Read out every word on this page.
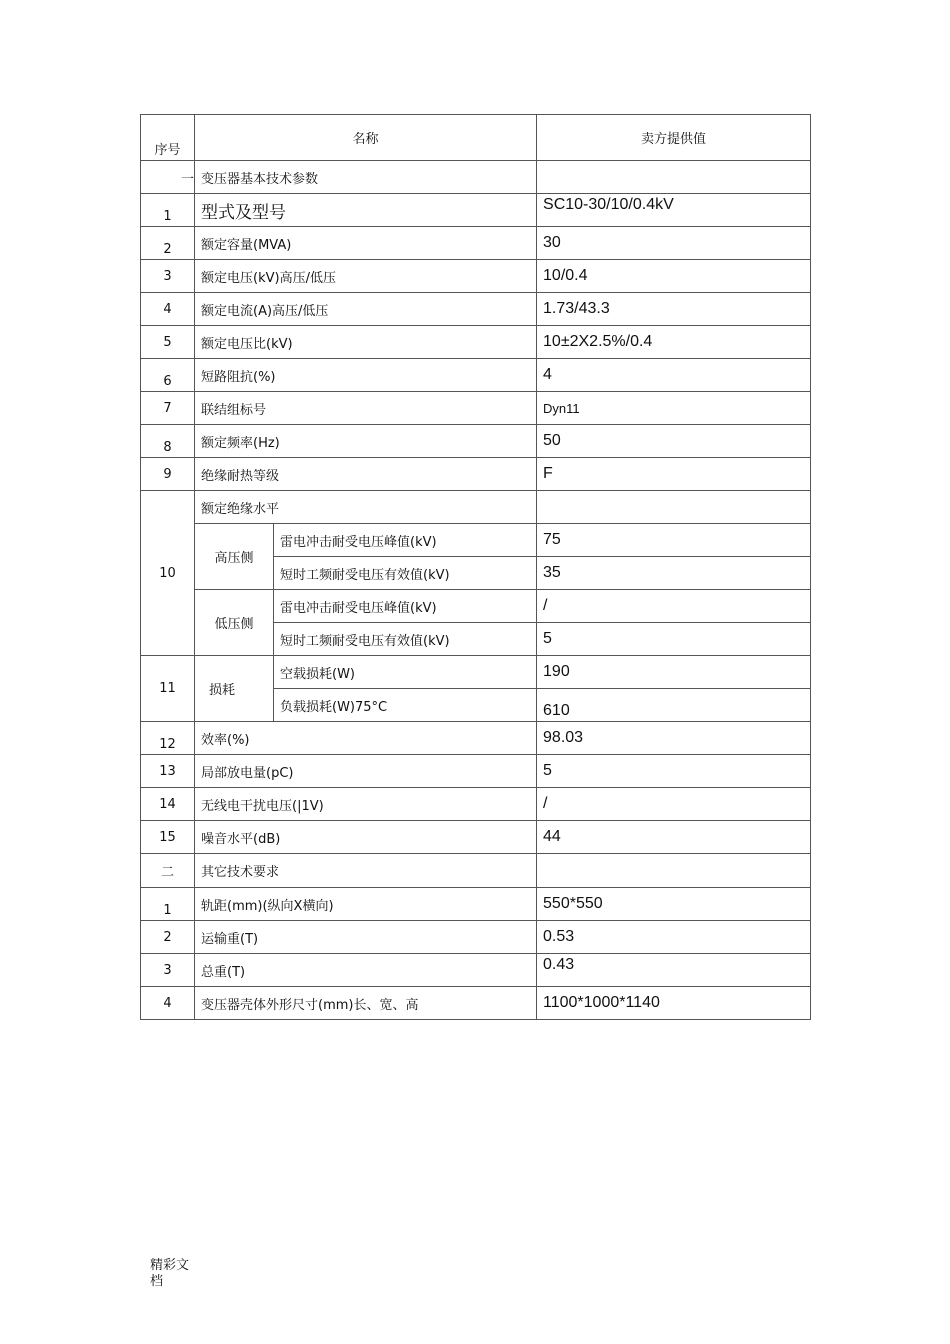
序号	名称		卖方提供值
一	变压器基本技术参数		
1	型式及型号		SC10-30/10/0.4kV
2	额定容量(MVA)		30
3	额定电压(kV)高压/低压		10/0.4
4	额定电流(A)高压/低压		1.73/43.3
5	额定电压比(kV)		10±2X2.5%/0.4
6	短路阻抗(%)		4
7	联结组标号		Dyn11
8	额定频率(Hz)		50
9	绝缘耐热等级		F
10	额定绝缘水平		
	高压侧	雷电冲击耐受电压峰值(kV)	75
		短时工频耐受电压有效值(kV)	35
	低压侧	雷电冲击耐受电压峰值(kV)	/
		短时工频耐受电压有效值(kV)	5
11	损耗	空载损耗(W)	190
		负载损耗(W)75°C	610
12	效率(%)		98.03
13	局部放电量(pC)		5
14	无线电干扰电压(|1V)		/
15	噪音水平(dB)		44
二	其它技术要求		
1	轨距(mm)(纵向X横向)		550*550
2	运输重(T)		0.53
3	总重(T)		0.43
4	变压器壳体外形尺寸(mm)长、宽、高		1100*1000*1140
精彩文档
